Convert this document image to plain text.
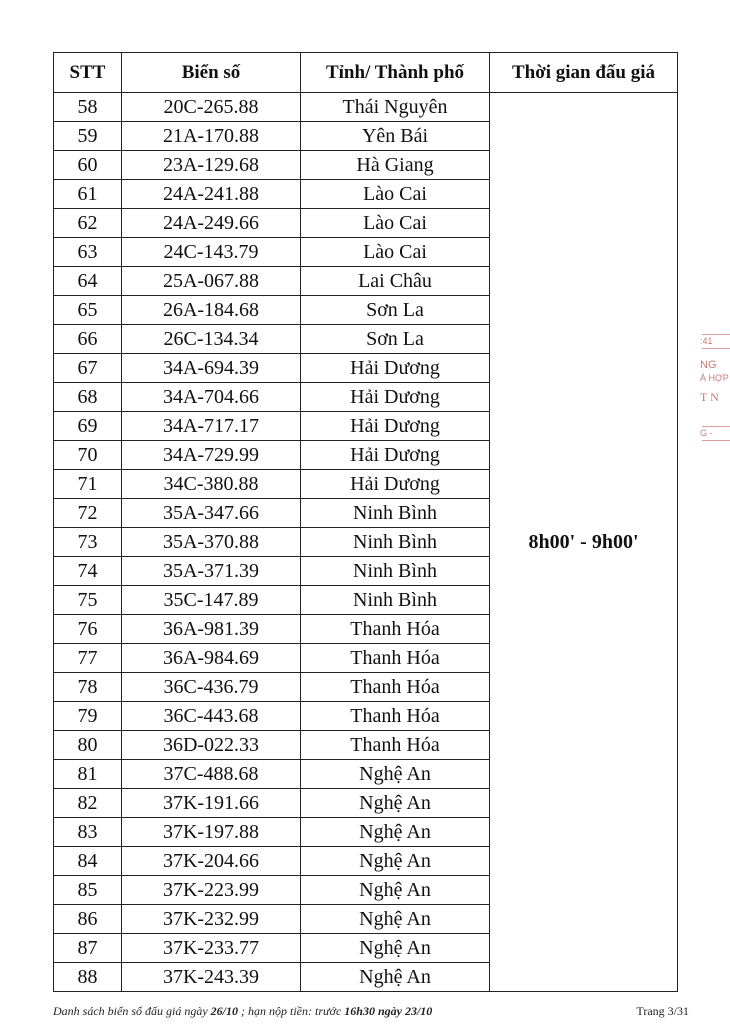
STT	Biển số	Tỉnh/ Thành phố	Thời gian đấu giá
58	20C-265.88	Thái Nguyên	8h00' - 9h00'
59	21A-170.88	Yên Bái	
60	23A-129.68	Hà Giang	
61	24A-241.88	Lào Cai	
62	24A-249.66	Lào Cai	
63	24C-143.79	Lào Cai	
64	25A-067.88	Lai Châu	
65	26A-184.68	Sơn La	
66	26C-134.34	Sơn La	
67	34A-694.39	Hải Dương	
68	34A-704.66	Hải Dương	
69	34A-717.17	Hải Dương	
70	34A-729.99	Hải Dương	
71	34C-380.88	Hải Dương	
72	35A-347.66	Ninh Bình	
73	35A-370.88	Ninh Bình	
74	35A-371.39	Ninh Bình	
75	35C-147.89	Ninh Bình	
76	36A-981.39	Thanh Hóa	
77	36A-984.69	Thanh Hóa	
78	36C-436.79	Thanh Hóa	
79	36C-443.68	Thanh Hóa	
80	36D-022.33	Thanh Hóa	
81	37C-488.68	Nghệ An	
82	37K-191.66	Nghệ An	
83	37K-197.88	Nghệ An	
84	37K-204.66	Nghệ An	
85	37K-223.99	Nghệ An	
86	37K-232.99	Nghệ An	
87	37K-233.77	Nghệ An	
88	37K-243.39	Nghệ An	
:41
NG
À HỢP
T N
G -
Danh sách biển số đấu giá ngày 26/10 ; hạn nộp tiền: trước 16h30 ngày 23/10	Trang 3/31
